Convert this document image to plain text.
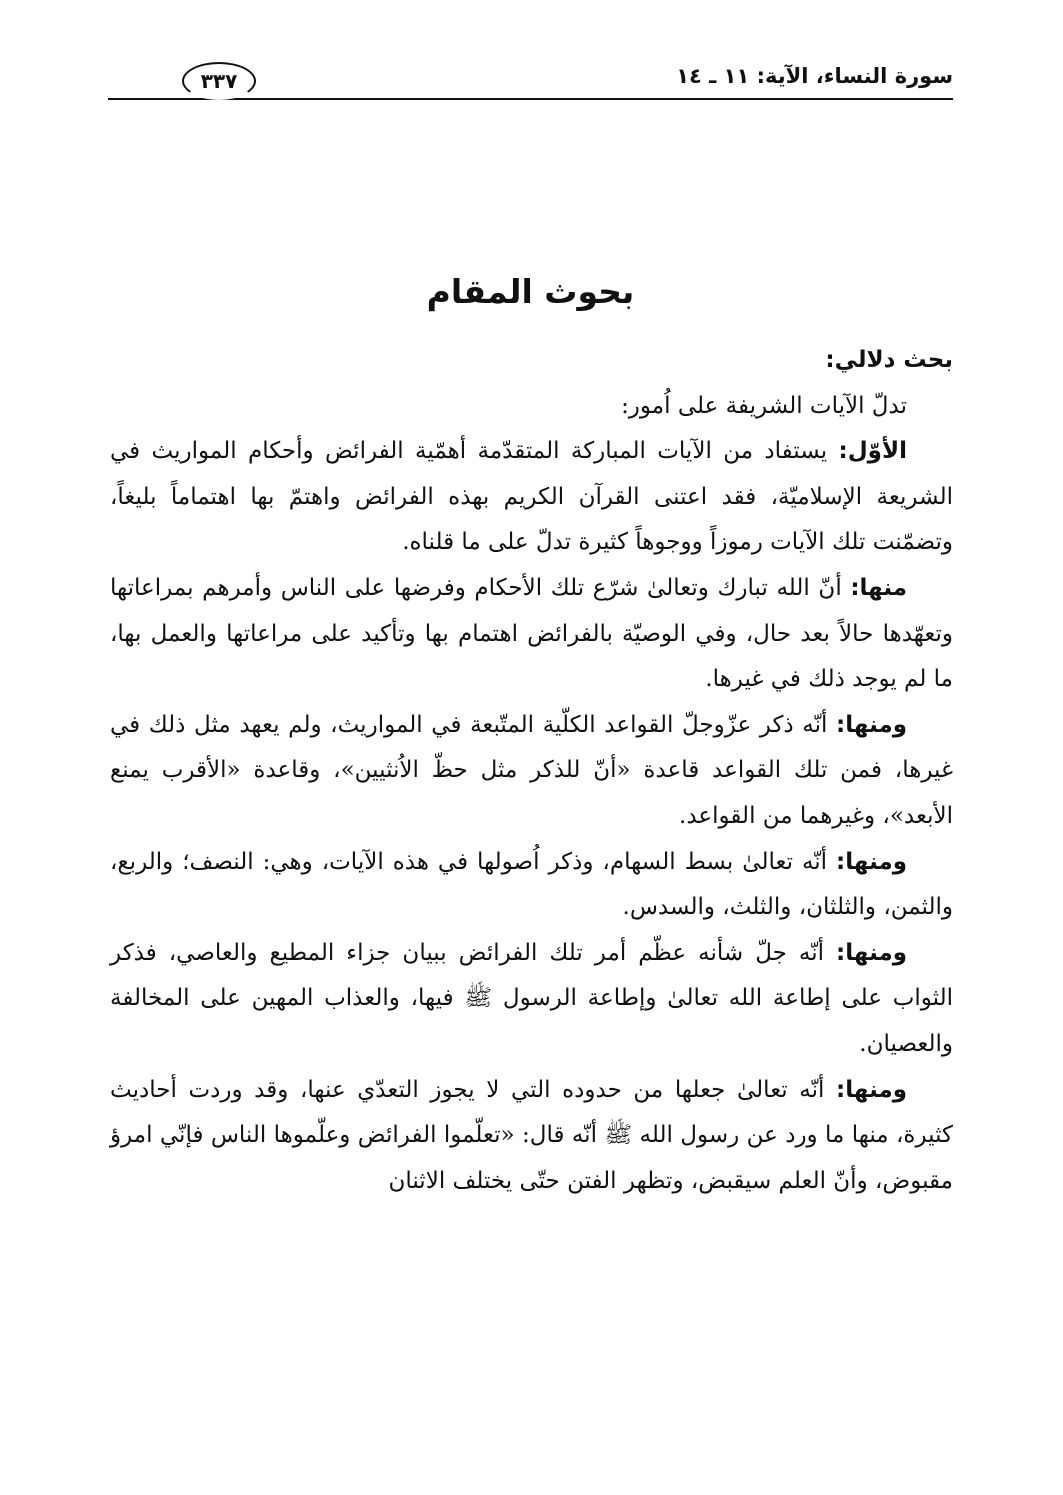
٣٣٧	سورة النساء، الآية: ١١ ـ ١٤
بحوث المقام

بحث دلالي:

تدلّ الآيات الشريفة على اُمور:

الأوّل: يستفاد من الآيات المباركة المتقدّمة أهمّية الفرائض وأحكام المواريث في الشريعة الإسلاميّة، فقد اعتنى القرآن الكريم بهذه الفرائض واهتمّ بها اهتماماً بليغاً، وتضمّنت تلك الآيات رموزاً ووجوهاً كثيرة تدلّ على ما قلناه.

منها: أنّ الله تبارك وتعالىٰ شرّع تلك الأحكام وفرضها على الناس وأمرهم بمراعاتها وتعهّدها حالاً بعد حال، وفي الوصيّة بالفرائض اهتمام بها وتأكيد على مراعاتها والعمل بها، ما لم يوجد ذلك في غيرها.

ومنها: أنّه ذكر عزّوجلّ القواعد الكلّية المتّبعة في المواريث، ولم يعهد مثل ذلك في غيرها، فمن تلك القواعد قاعدة «أنّ للذكر مثل حظّ الاُنثيين»، وقاعدة «الأقرب يمنع الأبعد»، وغيرهما من القواعد.

ومنها: أنّه تعالىٰ بسط السهام، وذكر اُصولها في هذه الآيات، وهي: النصف؛ والربع، والثمن، والثلثان، والثلث، والسدس.

ومنها: أنّه جلّ شأنه عظّم أمر تلك الفرائض ببيان جزاء المطيع والعاصي، فذكر الثواب على إطاعة الله تعالىٰ وإطاعة الرسول ﷺ فيها، والعذاب المهين على المخالفة والعصيان.

ومنها: أنّه تعالىٰ جعلها من حدوده التي لا يجوز التعدّي عنها، وقد وردت أحاديث كثيرة، منها ما ورد عن رسول الله ﷺ أنّه قال: «تعلّموا الفرائض وعلّموها الناس فإنّي امرؤ مقبوض، وأنّ العلم سيقبض، وتظهر الفتن حتّى يختلف الاثنان
